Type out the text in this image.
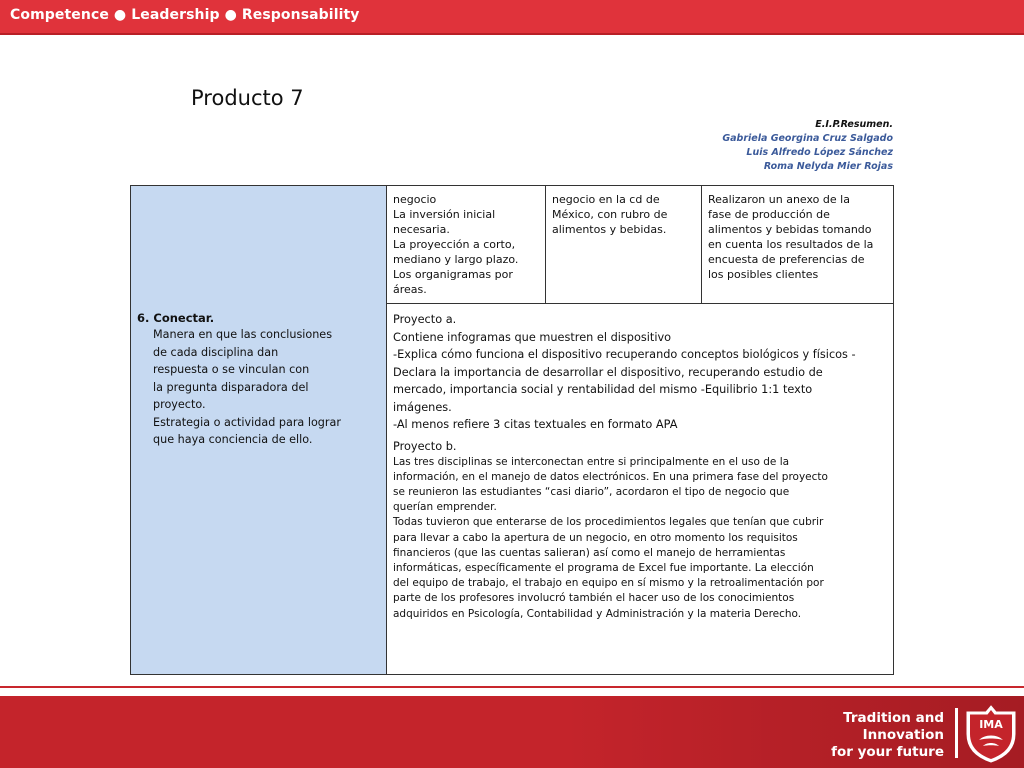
Competence ● Leadership ● Responsability
Producto 7
E.I.P.Resumen.
Gabriela Georgina Cruz Salgado
Luis Alfredo López Sánchez
Roma Nelyda Mier Rojas
6. Conectar.
Manera en que las conclusiones
de cada disciplina dan
respuesta o se vinculan con
la pregunta disparadora del
proyecto.
Estrategia o actividad para lograr
que haya conciencia de ello.
negocio
La inversión inicial
necesaria.
La proyección a corto,
mediano y largo plazo.
Los organigramas por
áreas.
negocio en la cd de
México, con rubro de
alimentos y bebidas.
Realizaron un anexo de la
fase de producción de
alimentos y bebidas tomando
en cuenta los resultados de la
encuesta de preferencias de
los posibles clientes
Proyecto a.
Contiene infogramas que muestren el dispositivo
-Explica cómo funciona el dispositivo recuperando conceptos biológicos y físicos -
Declara la importancia de desarrollar el dispositivo, recuperando estudio de
mercado, importancia social y rentabilidad del mismo -Equilibrio 1:1 texto
imágenes.
-Al menos refiere 3 citas textuales en formato APA
Proyecto b.
Las tres disciplinas se interconectan entre si principalmente en el uso de la
información, en el manejo de datos electrónicos. En una primera fase del proyecto
se reunieron las estudiantes “casi diario”, acordaron el tipo de negocio que
querían emprender.
Todas tuvieron que enterarse de los procedimientos legales que tenían que cubrir
para llevar a cabo la apertura de un negocio, en otro momento los requisitos
financieros (que las cuentas salieran) así como el manejo de herramientas
informáticas, específicamente el programa de Excel fue importante. La elección
del equipo de trabajo, el trabajo en equipo en sí mismo y la retroalimentación por
parte de los profesores involucró también el hacer uso de los conocimientos
adquiridos en Psicología, Contabilidad y Administración y la materia Derecho.
Tradition and
Innovation
for your future
IMA
